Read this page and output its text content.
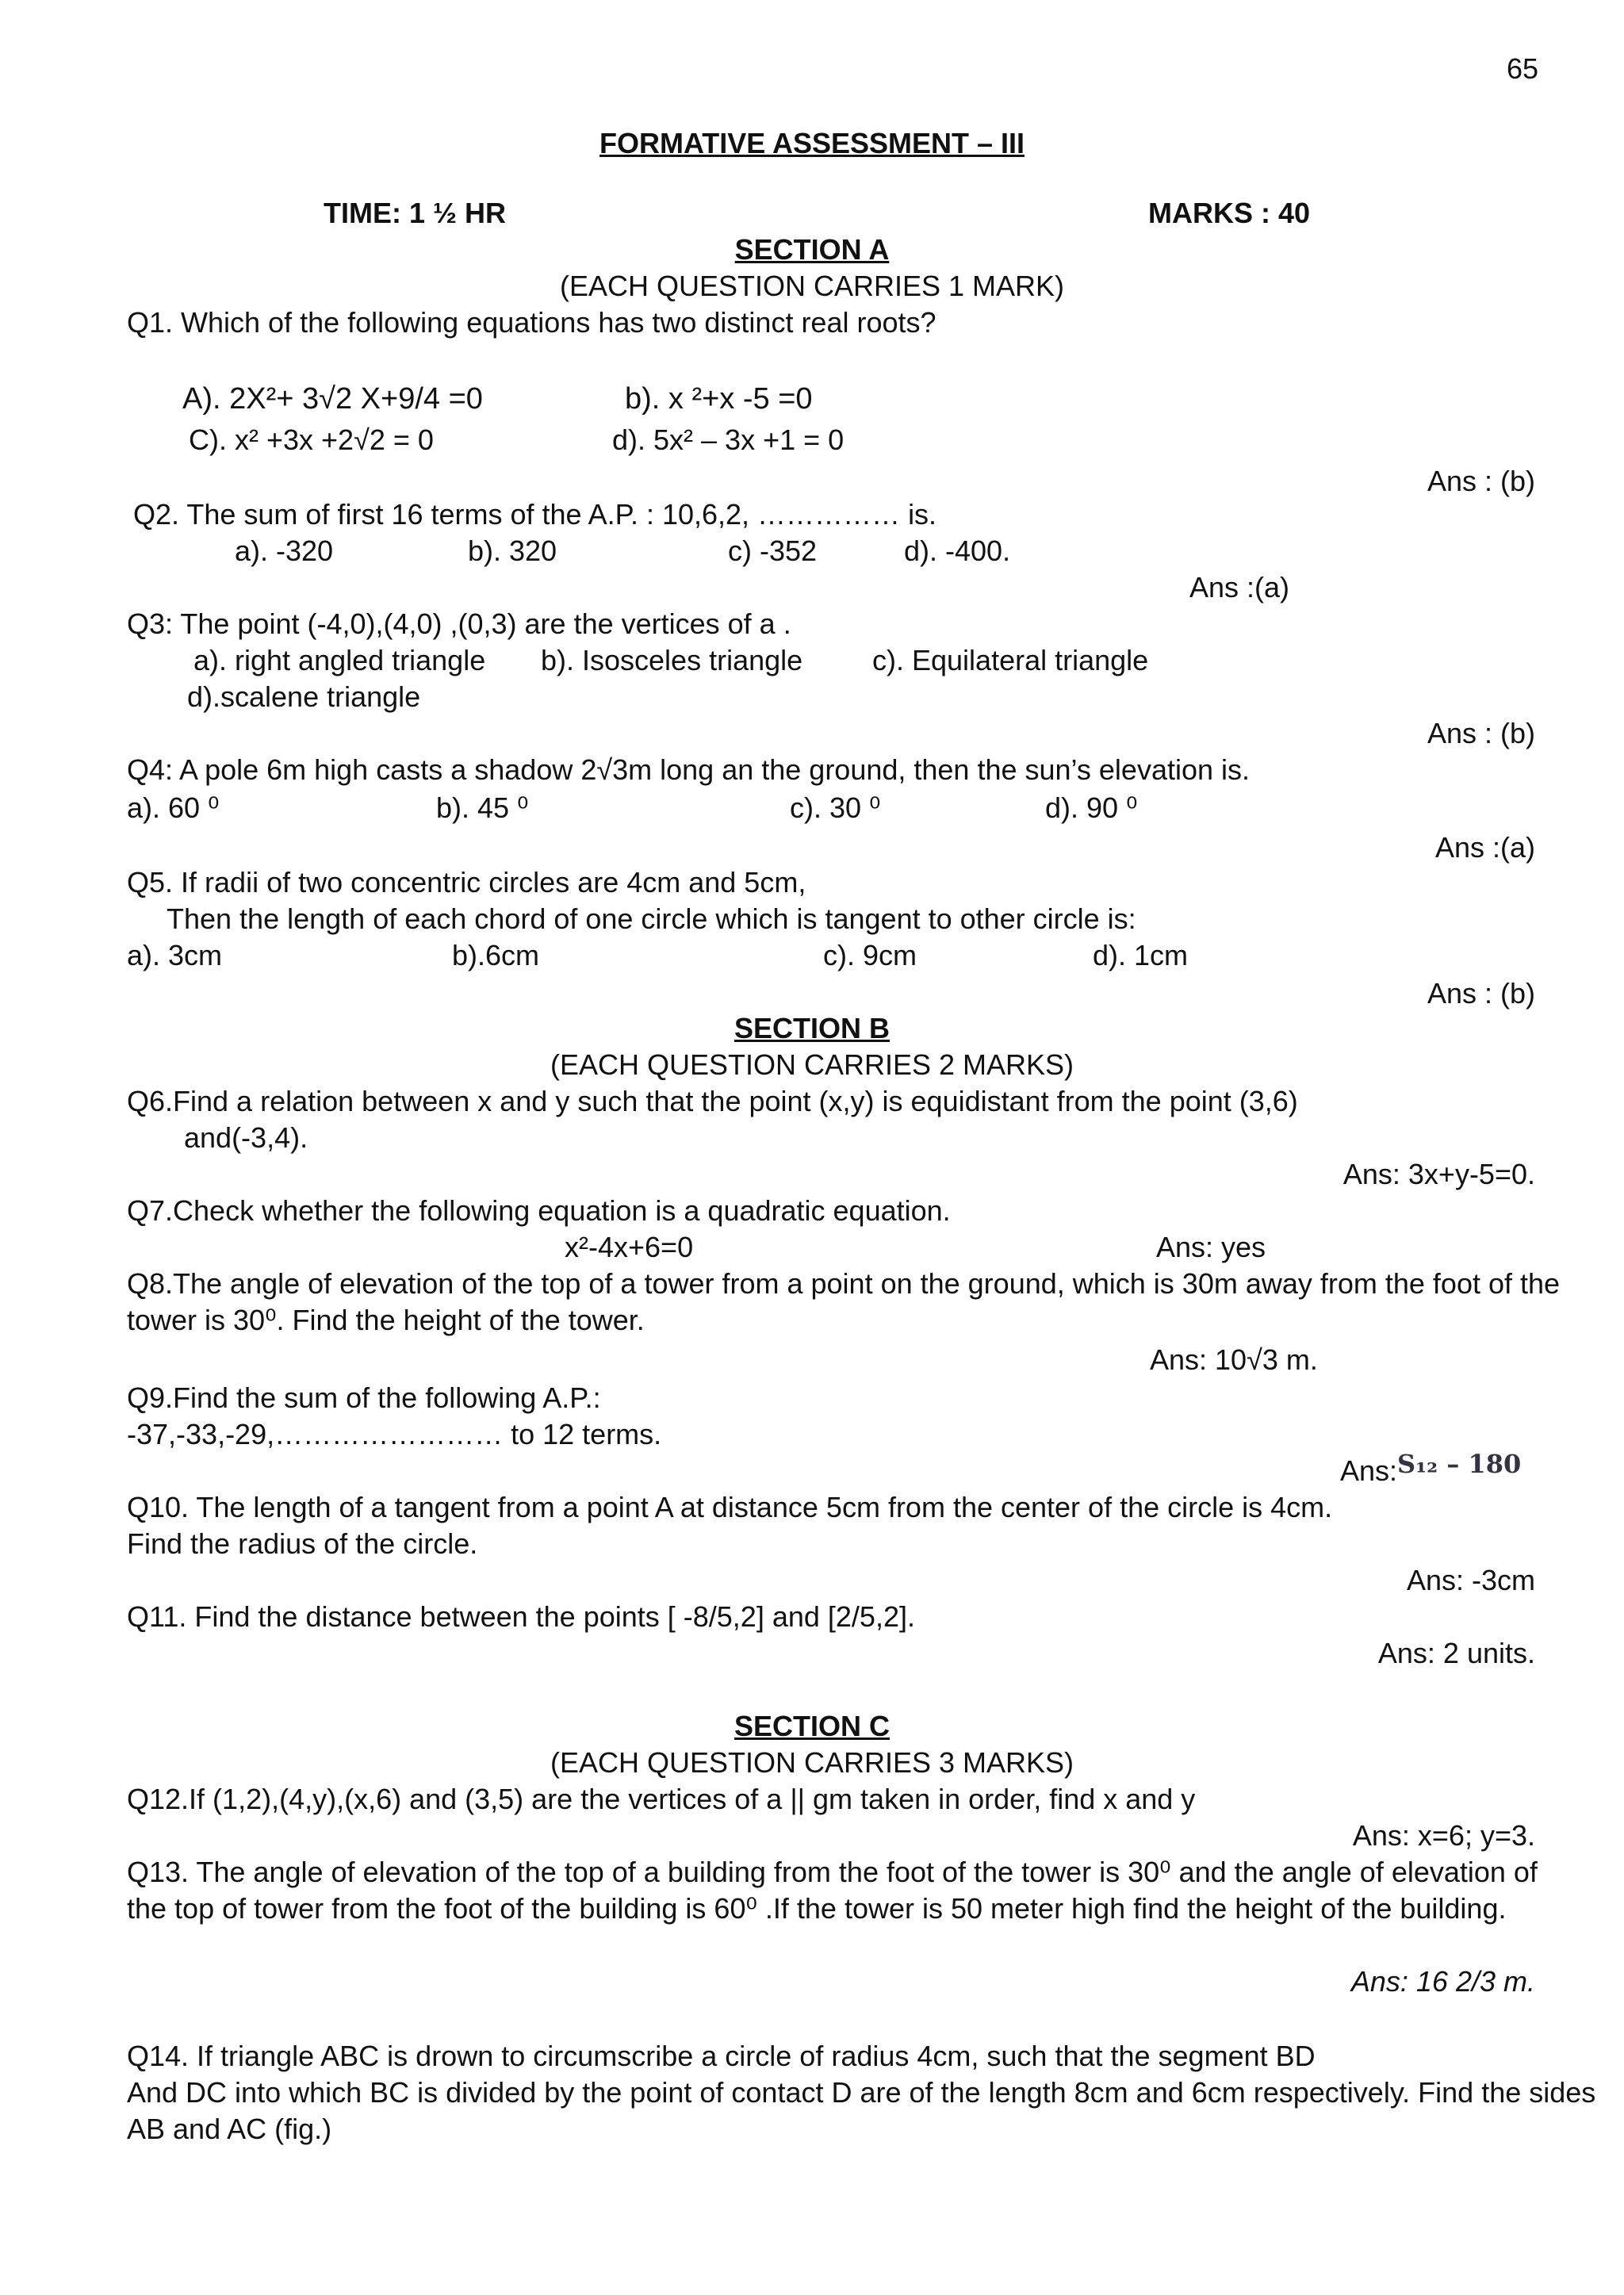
65
FORMATIVE ASSESSMENT – III
TIME: 1 ½ HR	MARKS : 40
SECTION A
(EACH QUESTION CARRIES 1 MARK)
Q1. Which of the following equations has two distinct real roots?
A). 2X²+ 3√2 X+9/4 =0	b). x ²+x -5 =0
C). x² +3x +2√2 = 0	d). 5x² – 3x +1 = 0
Ans : (b)
Q2. The sum of first 16 terms of the A.P. : 10,6,2, …………… is.
a). -320	b). 320	c) -352	d). -400.
Ans :(a)
Q3: The point (-4,0),(4,0) ,(0,3) are the vertices of a .
a). right angled triangle b). Isosceles triangle c). Equilateral triangle
d).scalene triangle
Ans : (b)
Q4: A pole 6m high casts a shadow 2√3m long an the ground, then the sun’s elevation is.
a). 60 ⁰	b). 45 ⁰	c). 30 ⁰	d). 90 ⁰
Ans :(a)
Q5. If radii of two concentric circles are 4cm and 5cm,
Then the length of each chord of one circle which is tangent to other circle is:
a). 3cm	b).6cm	c). 9cm	d). 1cm
Ans : (b)
SECTION B
(EACH QUESTION CARRIES 2 MARKS)
Q6.Find a relation between x and y such that the point (x,y) is equidistant from the point (3,6)
and(-3,4).
Ans: 3x+y-5=0.
Q7.Check whether the following equation is a quadratic equation.
x²-4x+6=0	Ans: yes
Q8.The angle of elevation of the top of a tower from a point on the ground, which is 30m away from the foot of the
tower is 30⁰. Find the height of the tower.
Ans: 10√3 m.
Q9.Find the sum of the following A.P.:
-37,-33,-29,…………………… to 12 terms.
Ans:S₁₂ – 180
Q10. The length of a tangent from a point A at distance 5cm from the center of the circle is 4cm.
Find the radius of the circle.
Ans: -3cm
Q11. Find the distance between the points [ -8/5,2] and [2/5,2].
Ans: 2 units.
SECTION C
(EACH QUESTION CARRIES 3 MARKS)
Q12.If (1,2),(4,y),(x,6) and (3,5) are the vertices of a || gm taken in order, find x and y
Ans: x=6; y=3.
Q13. The angle of elevation of the top of a building from the foot of the tower is 30⁰ and the angle of elevation of
the top of tower from the foot of the building is 60⁰ .If the tower is 50 meter high find the height of the building.
Ans: 16 2/3 m.
Q14. If triangle ABC is drown to circumscribe a circle of radius 4cm, such that the segment BD
And DC into which BC is divided by the point of contact D are of the length 8cm and 6cm respectively. Find the sides
AB and AC (fig.)
